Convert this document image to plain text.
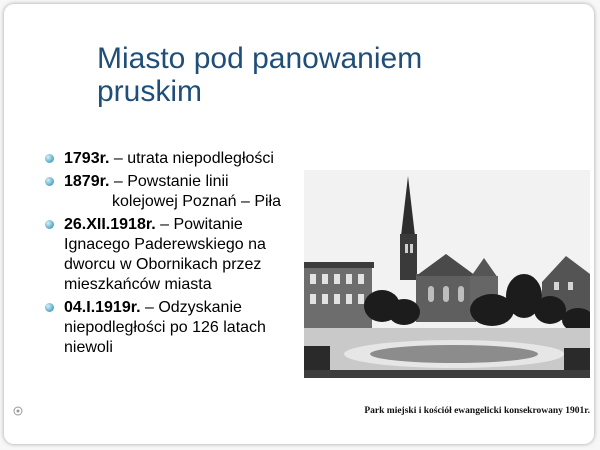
Miasto pod panowaniem pruskim
1793r. – utrata niepodległości
1879r. – Powstanie linii
kolejowej Poznań – Piła
26.XII.1918r. – Powitanie Ignacego Paderewskiego na dworcu w Obornikach przez mieszkańców miasta
04.I.1919r. – Odzyskanie niepodległości po 126 latach niewoli
Park miejski i kościół ewangelicki konsekrowany 1901r.
